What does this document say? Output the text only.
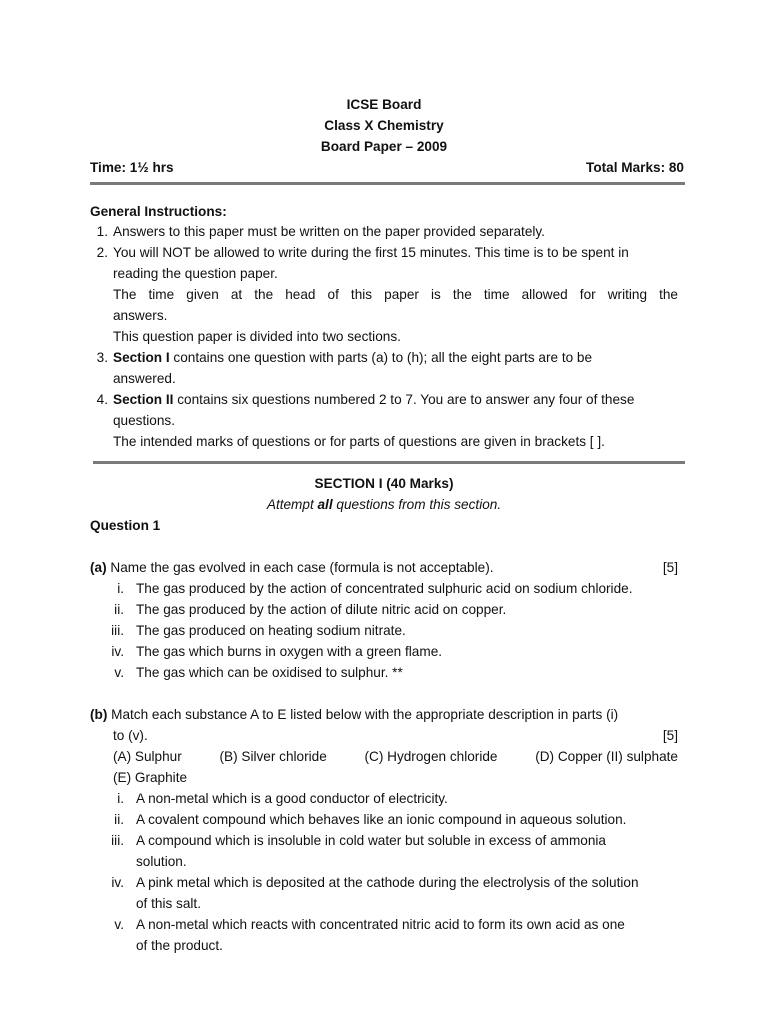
ICSE Board
Class X Chemistry
Board Paper – 2009
Time: 1½ hrs	Total Marks: 80
General Instructions:
1. Answers to this paper must be written on the paper provided separately.
2. You will NOT be allowed to write during the first 15 minutes. This time is to be spent in
reading the question paper.
The time given at the head of this paper is the time allowed for writing the
answers.
This question paper is divided into two sections.
3. Section I contains one question with parts (a) to (h); all the eight parts are to be
answered.
4. Section II contains six questions numbered 2 to 7. You are to answer any four of these
questions.
The intended marks of questions or for parts of questions are given in brackets [ ].
SECTION I (40 Marks)
Attempt all questions from this section.
Question 1
(a) Name the gas evolved in each case (formula is not acceptable).	[5]
i. The gas produced by the action of concentrated sulphuric acid on sodium chloride.
ii. The gas produced by the action of dilute nitric acid on copper.
iii. The gas produced on heating sodium nitrate.
iv. The gas which burns in oxygen with a green flame.
v. The gas which can be oxidised to sulphur. **
(b) Match each substance A to E listed below with the appropriate description in parts (i)
to (v).	[5]
(A) Sulphur	(B) Silver chloride	(C) Hydrogen chloride	(D) Copper (II) sulphate
(E) Graphite
i. A non-metal which is a good conductor of electricity.
ii. A covalent compound which behaves like an ionic compound in aqueous solution.
iii. A compound which is insoluble in cold water but soluble in excess of ammonia
solution.
iv. A pink metal which is deposited at the cathode during the electrolysis of the solution
of this salt.
v. A non-metal which reacts with concentrated nitric acid to form its own acid as one
of the product.
